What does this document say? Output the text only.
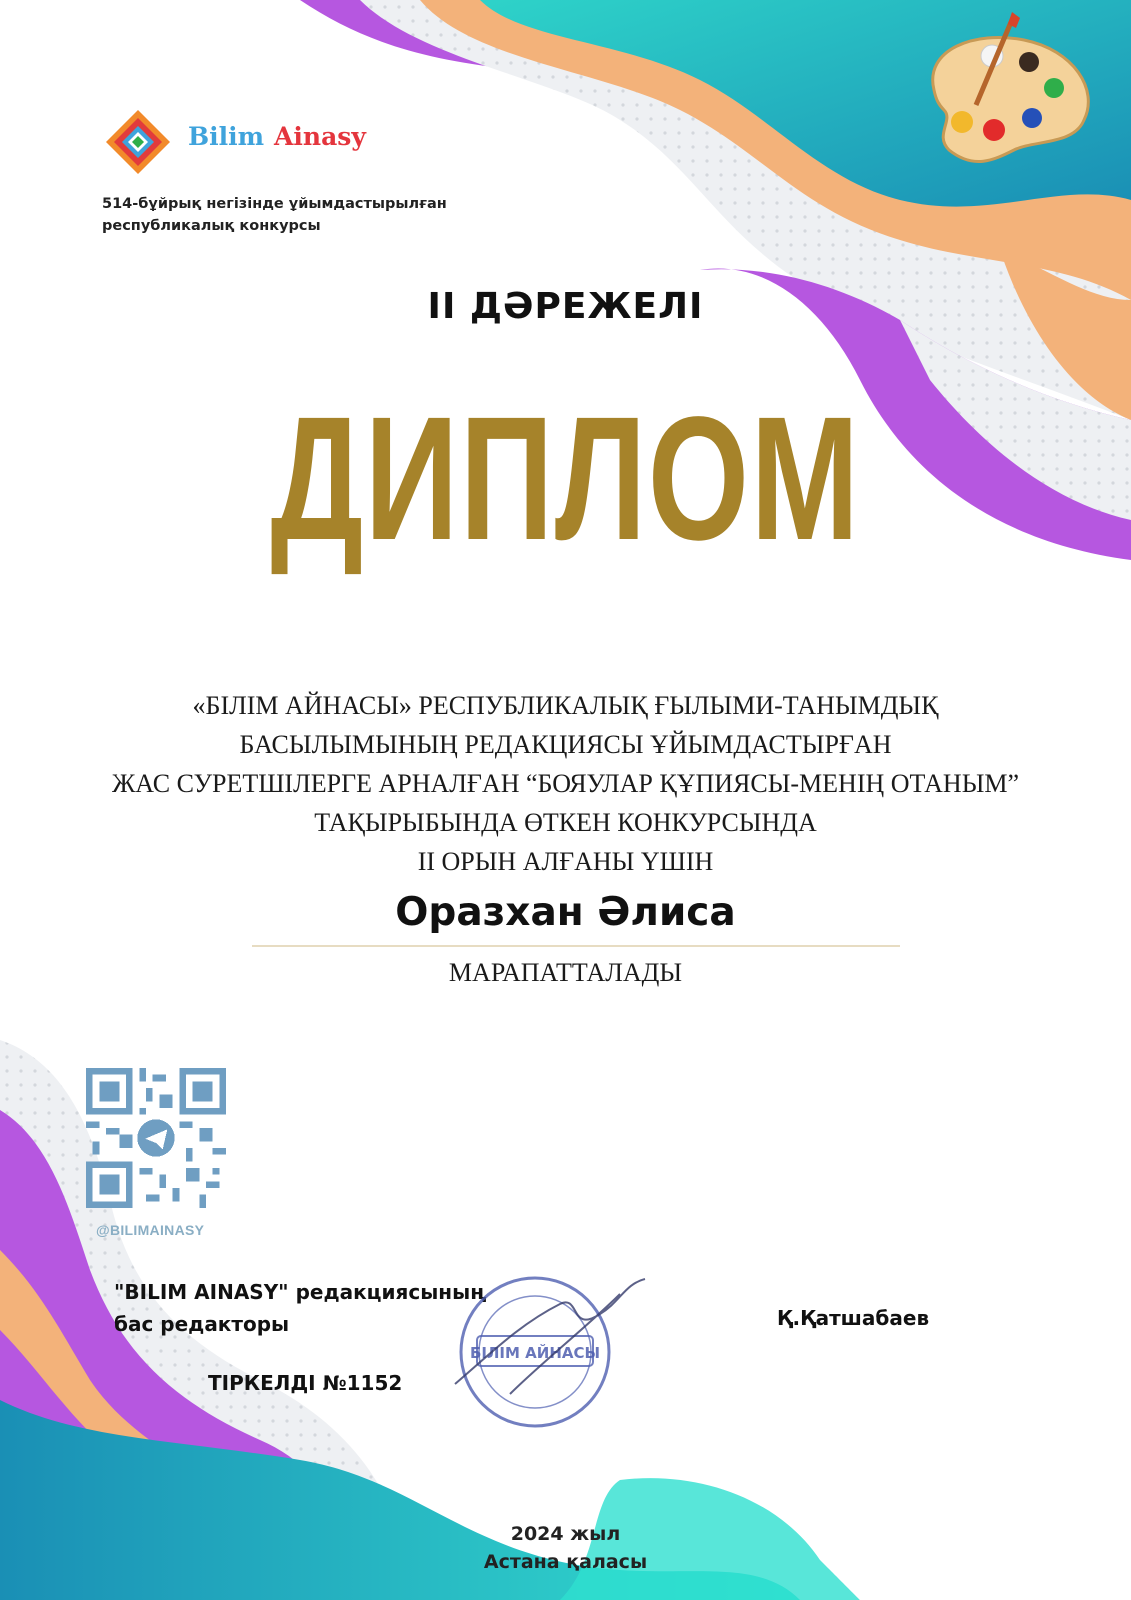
Bilim Ainasy
514-бұйрық негізінде ұйымдастырылған
республикалық конкурсы
II ДӘРЕЖЕЛІ
ДИПЛОМ
«БІЛІМ АЙНАСЫ» РЕСПУБЛИКАЛЫҚ ҒЫЛЫМИ-ТАНЫМДЫҚ
БАСЫЛЫМЫНЫҢ РЕДАКЦИЯСЫ ҰЙЫМДАСТЫРҒАН
ЖАС СУРЕТШІЛЕРГЕ АРНАЛҒАН “БОЯУЛАР ҚҰПИЯСЫ-МЕНІҢ ОТАНЫМ”
ТАҚЫРЫБЫНДА ӨТКЕН КОНКУРСЫНДА
II ОРЫН АЛҒАНЫ ҮШІН
Оразхан Әлиса
МАРАПАТТАЛАДЫ
@BILIMAINASY
"BILIM AINASY" редакциясының
бас редакторы	Қ.Қатшабаев
ТІРКЕЛДІ №1152
БІЛІМ АЙНАСЫ
2024 жыл
Астана қаласы
